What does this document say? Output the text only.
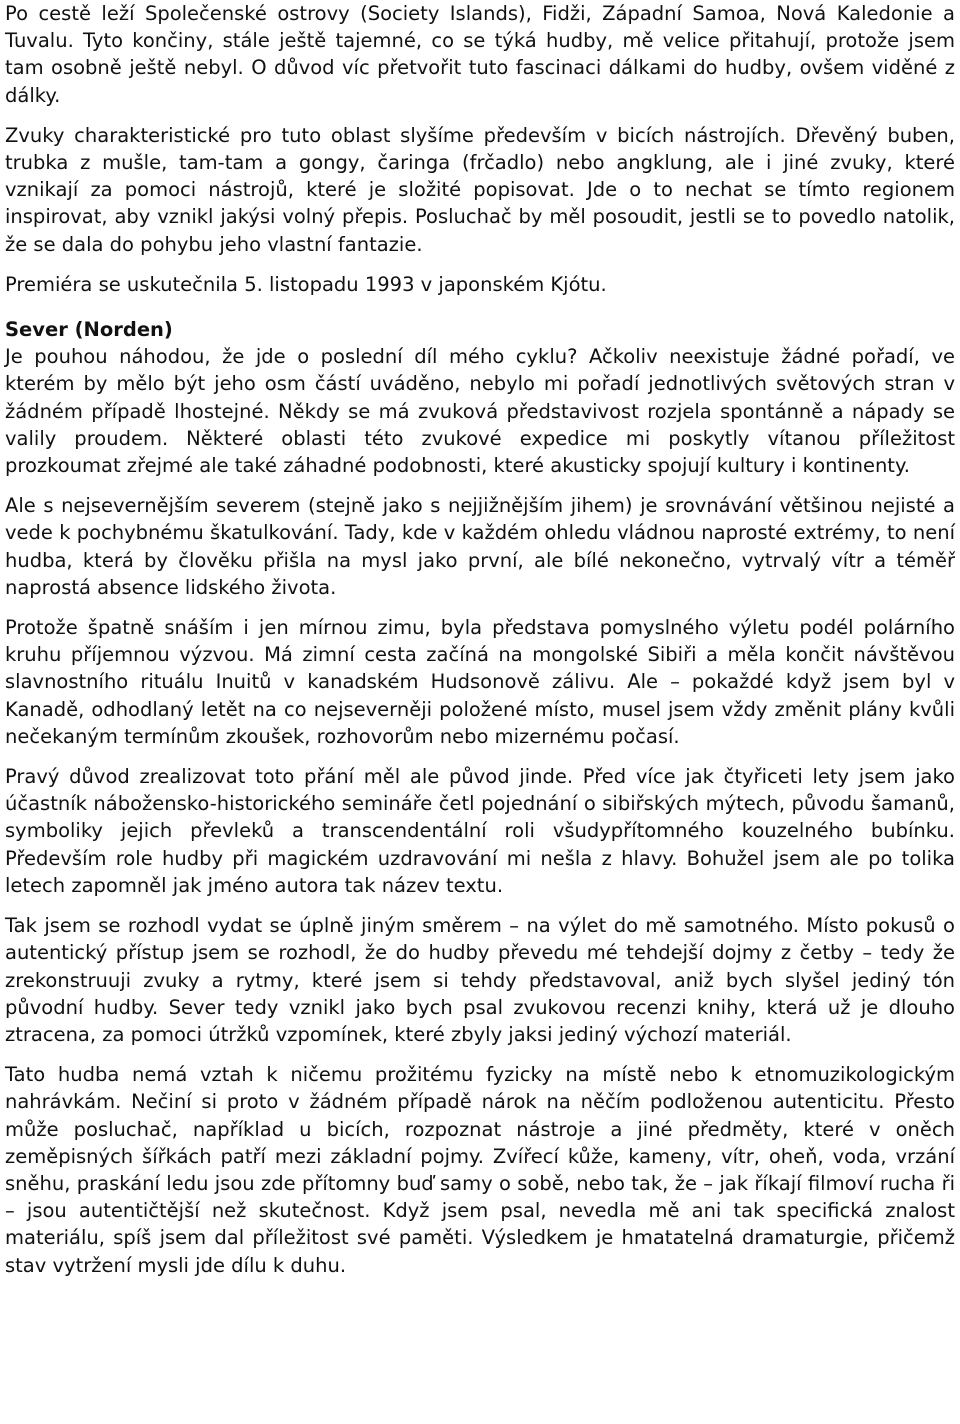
Po cestě leží Společenské ostrovy (Society Islands), Fidži, Západní Samoa, Nová Kaledonie a Tuvalu. Tyto končiny, stále ještě tajemné, co se týká hudby, mě velice přitahují, protože jsem tam osobně ještě nebyl. O důvod víc přetvořit tuto fascinaci dálkami do hudby, ovšem viděné z dálky.

Zvuky charakteristické pro tuto oblast slyšíme především v bicích nástrojích. Dřevěný buben, trubka z mušle, tam-tam a gongy, čaringa (frčadlo) nebo angklung, ale i jiné zvuky, které vznikají za pomoci nástrojů, které je složité popisovat. Jde o to nechat se tímto regionem inspirovat, aby vznikl jakýsi volný přepis. Posluchač by měl posoudit, jestli se to povedlo natolik, že se dala do pohybu jeho vlastní fantazie.

Premiéra se uskutečnila 5. listopadu 1993 v japonském Kjótu.

Sever (Norden)

Je pouhou náhodou, že jde o poslední díl mého cyklu? Ačkoliv neexistuje žádné pořadí, ve kterém by mělo být jeho osm částí uváděno, nebylo mi pořadí jednotlivých světových stran v žádném případě lhostejné. Někdy se má zvuková představivost rozjela spontánně a nápady se valily proudem. Některé oblasti této zvukové expedice mi poskytly vítanou příležitost prozkoumat zřejmé ale také záhadné podobnosti, které akusticky spojují kultury i kontinenty.

Ale s nejsevernějším severem (stejně jako s nejjižnějším jihem) je srovnávání většinou nejisté a vede k pochybnému škatulkování. Tady, kde v každém ohledu vládnou naprosté extrémy, to není hudba, která by člověku přišla na mysl jako první, ale bílé nekonečno, vytrvalý vítr a téměř naprostá absence lidského života.

Protože špatně snáším i jen mírnou zimu, byla představa pomyslného výletu podél polárního kruhu příjemnou výzvou. Má zimní cesta začíná na mongolské Sibiři a měla končit návštěvou slavnostního rituálu Inuitů v kanadském Hudsonově zálivu. Ale – pokaždé když jsem byl v Kanadě, odhodlaný letět na co nejseverněji položené místo, musel jsem vždy změnit plány kvůli nečekaným termínům zkoušek, rozhovorům nebo mizernému počasí.

Pravý důvod zrealizovat toto přání měl ale původ jinde. Před více jak čtyřiceti lety jsem jako účastník nábožensko-historického semináře četl pojednání o sibiřských mýtech, původu šamanů, symboliky jejich převleků a transcendentální roli všudypřítomného kouzelného bubínku. Především role hudby při magickém uzdravování mi nešla z hlavy. Bohužel jsem ale po tolika letech zapomněl jak jméno autora tak název textu.

Tak jsem se rozhodl vydat se úplně jiným směrem – na výlet do mě samotného. Místo pokusů o autentický přístup jsem se rozhodl, že do hudby převedu mé tehdejší dojmy z četby – tedy že zrekonstruuji zvuky a rytmy, které jsem si tehdy představoval, aniž bych slyšel jediný tón původní hudby. Sever tedy vznikl jako bych psal zvukovou recenzi knihy, která už je dlouho ztracena, za pomoci útržků vzpomínek, které zbyly jaksi jediný výchozí materiál.

Tato hudba nemá vztah k ničemu prožitému fyzicky na místě nebo k etnomuzikologickým nahrávkám. Nečiní si proto v žádném případě nárok na něčím podloženou autenticitu. Přesto může posluchač, například u bicích, rozpoznat nástroje a jiné předměty, které v oněch zeměpisných šířkách patří mezi základní pojmy. Zvířecí kůže, kameny, vítr, oheň, voda, vrzání sněhu, praskání ledu jsou zde přítomny buď samy o sobě, nebo tak, že – jak říkají filmoví rucha ři – jsou autentičtější než skutečnost. Když jsem psal, nevedla mě ani tak specifická znalost materiálu, spíš jsem dal příležitost své paměti. Výsledkem je hmatatelná dramaturgie, přičemž stav vytržení mysli jde dílu k duhu.
